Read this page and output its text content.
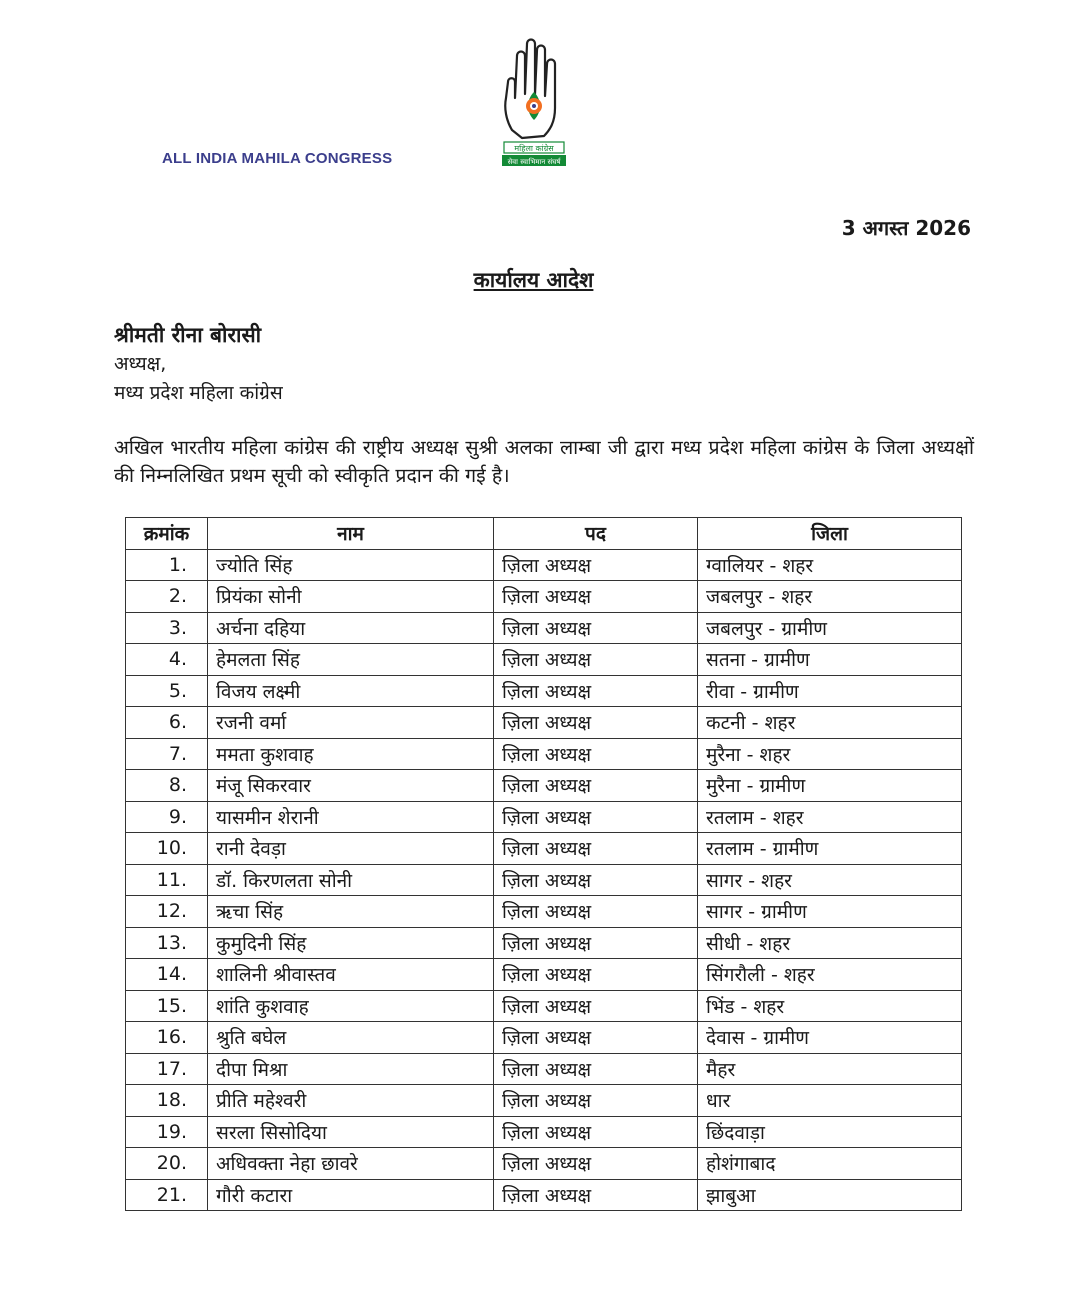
ALL INDIA MAHILA CONGRESS
महिला कांग्रेस
सेवा स्वाभिमान संघर्ष
3 अगस्त 2026
कार्यालय आदेश
श्रीमती रीना बोरासी
अध्यक्ष,
मध्य प्रदेश महिला कांग्रेस
अखिल भारतीय महिला कांग्रेस की राष्ट्रीय अध्यक्ष सुश्री अलका लाम्बा जी द्वारा मध्य प्रदेश महिला कांग्रेस के जिला अध्यक्षों की निम्नलिखित प्रथम सूची को स्वीकृति प्रदान की गई है।
क्रमांक	नाम	पद	जिला
1.	ज्योति सिंह	ज़िला अध्यक्ष	ग्वालियर - शहर
2.	प्रियंका सोनी	ज़िला अध्यक्ष	जबलपुर - शहर
3.	अर्चना दहिया	ज़िला अध्यक्ष	जबलपुर - ग्रामीण
4.	हेमलता सिंह	ज़िला अध्यक्ष	सतना - ग्रामीण
5.	विजय लक्ष्मी	ज़िला अध्यक्ष	रीवा - ग्रामीण
6.	रजनी वर्मा	ज़िला अध्यक्ष	कटनी - शहर
7.	ममता कुशवाह	ज़िला अध्यक्ष	मुरैना - शहर
8.	मंजू सिकरवार	ज़िला अध्यक्ष	मुरैना - ग्रामीण
9.	यासमीन शेरानी	ज़िला अध्यक्ष	रतलाम - शहर
10.	रानी देवड़ा	ज़िला अध्यक्ष	रतलाम - ग्रामीण
11.	डॉ. किरणलता सोनी	ज़िला अध्यक्ष	सागर - शहर
12.	ऋचा सिंह	ज़िला अध्यक्ष	सागर - ग्रामीण
13.	कुमुदिनी सिंह	ज़िला अध्यक्ष	सीधी - शहर
14.	शालिनी श्रीवास्तव	ज़िला अध्यक्ष	सिंगरौली - शहर
15.	शांति कुशवाह	ज़िला अध्यक्ष	भिंड - शहर
16.	श्रुति बघेल	ज़िला अध्यक्ष	देवास - ग्रामीण
17.	दीपा मिश्रा	ज़िला अध्यक्ष	मैहर
18.	प्रीति महेश्वरी	ज़िला अध्यक्ष	धार
19.	सरला सिसोदिया	ज़िला अध्यक्ष	छिंदवाड़ा
20.	अधिवक्ता नेहा छावरे	ज़िला अध्यक्ष	होशंगाबाद
21.	गौरी कटारा	ज़िला अध्यक्ष	झाबुआ
